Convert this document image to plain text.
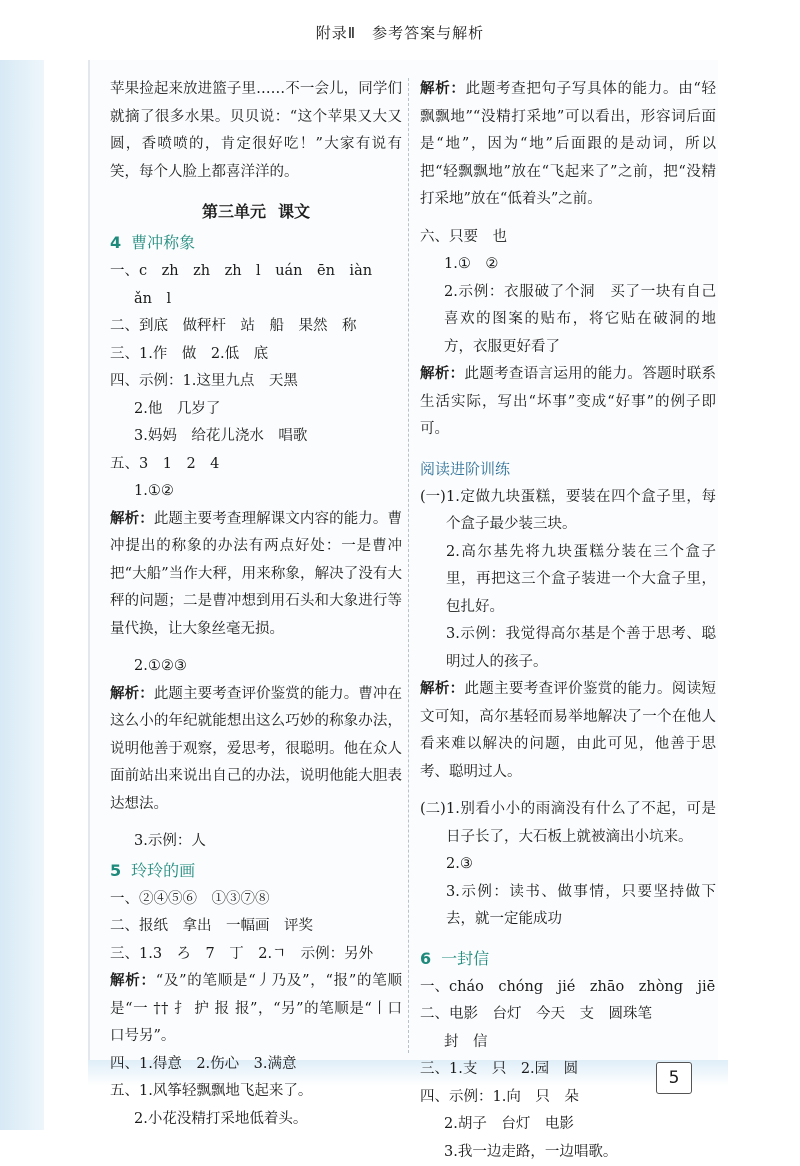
附录Ⅱ　参考答案与解析
苹果捡起来放进篮子里……不一会儿，同学们就摘了很多水果。贝贝说：“这个苹果又大又圆，香喷喷的，肯定很好吃！”大家有说有笑，每个人脸上都喜洋洋的。
第三单元 课文
4 曹冲称象
一、c　zh　zh　zh　l　uán　ēn　iàn
ǎn　l
二、到底　做秤杆　站　船　果然　称
三、1.作　做　2.低　底
四、示例：1.这里九点　天黑
2.他　几岁了
3.妈妈　给花儿浇水　唱歌
五、3　1　2　4
1.①②
解析：此题主要考查理解课文内容的能力。曹冲提出的称象的办法有两点好处：一是曹冲把“大船”当作大秤，用来称象，解决了没有大秤的问题；二是曹冲想到用石头和大象进行等量代换，让大象丝毫无损。
2.①②③
解析：此题主要考查评价鉴赏的能力。曹冲在这么小的年纪就能想出这么巧妙的称象办法，说明他善于观察，爱思考，很聪明。他在众人面前站出来说出自己的办法，说明他能大胆表达想法。
3.示例：人
5 玲玲的画
一、②④⑤⑥　①③⑦⑧
二、报纸　拿出　一幅画　评奖
三、1.3　ろ　7　丁　2.ㄱ　示例：另外
解析：“及”的笔顺是“丿乃及”，“报”的笔顺是“一 †† 扌 护 报 报”，“另”的笔顺是“丨口口号另”。
四、1.得意　2.伤心　3.满意
五、1.风筝轻飘飘地飞起来了。
2.小花没精打采地低着头。
解析：此题考查把句子写具体的能力。由“轻飘飘地”“没精打采地”可以看出，形容词后面是“地”，因为“地”后面跟的是动词，所以把“轻飘飘地”放在“飞起来了”之前，把“没精打采地”放在“低着头”之前。
六、只要　也
1.①　②
2.示例：衣服破了个洞　买了一块有自己喜欢的图案的贴布，将它贴在破洞的地方，衣服更好看了
解析：此题考查语言运用的能力。答题时联系生活实际，写出“坏事”变成“好事”的例子即可。
阅读进阶训练
(一) 1.定做九块蛋糕，要装在四个盒子里，每个盒子最少装三块。
2.高尔基先将九块蛋糕分装在三个盒子里，再把这三个盒子装进一个大盒子里，包扎好。
3.示例：我觉得高尔基是个善于思考、聪明过人的孩子。
解析：此题主要考查评价鉴赏的能力。阅读短文可知，高尔基轻而易举地解决了一个在他人看来难以解决的问题，由此可见，他善于思考、聪明过人。
(二) 1.别看小小的雨滴没有什么了不起，可是日子长了，大石板上就被滴出小坑来。
2.③
3.示例：读书、做事情，只要坚持做下去，就一定能成功
6 一封信
一、cháo　chóng　jié　zhāo　zhòng　jiē
二、电影　台灯　今天　支　圆珠笔
封　信
三、1.支　只　2.园　圆
四、示例：1.向　只　朵
2.胡子　台灯　电影
3.我一边走路，一边唱歌。
5
